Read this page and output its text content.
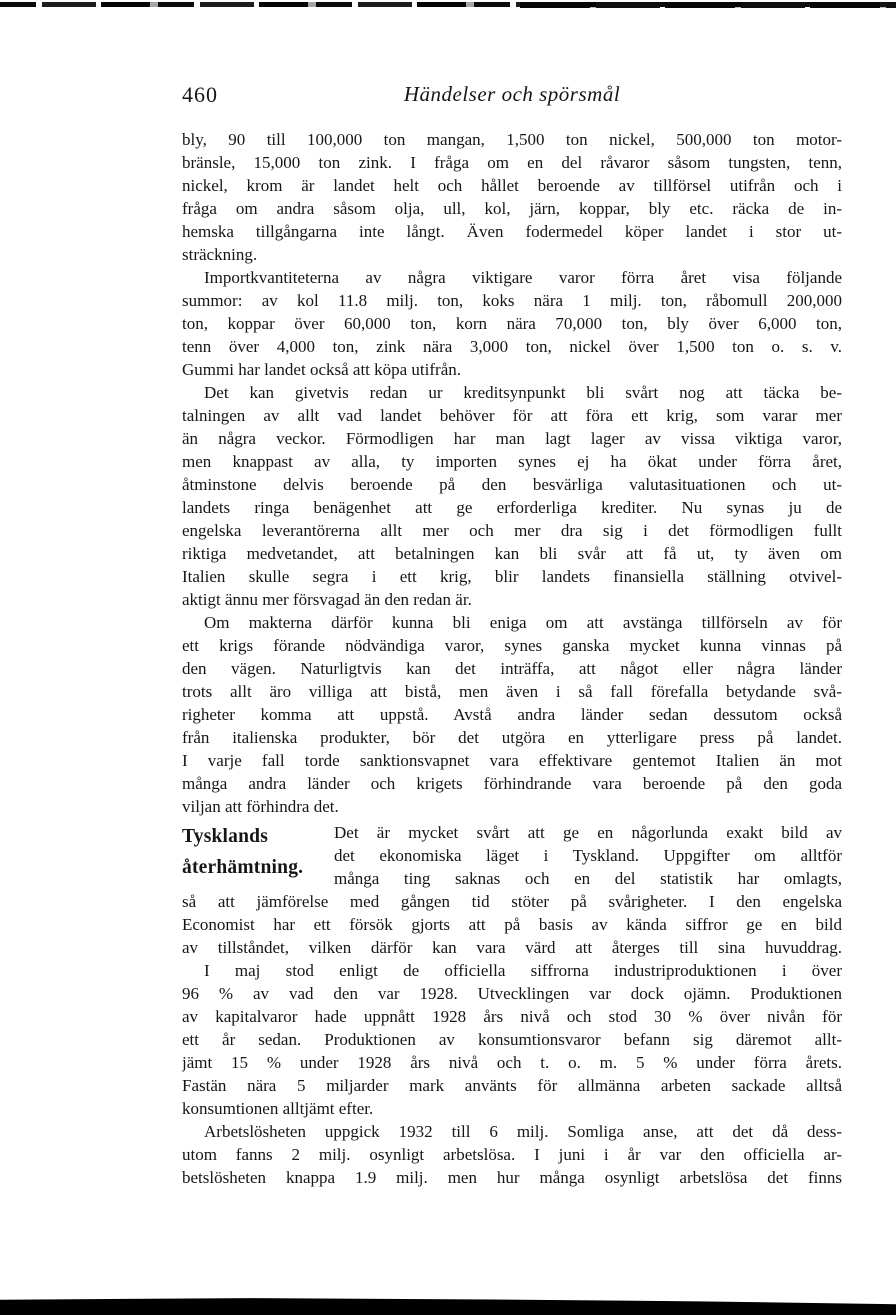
460	Händelser och spörsmål
bly, 90 till 100,000 ton mangan, 1,500 ton nickel, 500,000 ton motor-
bränsle, 15,000 ton zink. I fråga om en del råvaror såsom tungsten, tenn,
nickel, krom är landet helt och hållet beroende av tillförsel utifrån och i
fråga om andra såsom olja, ull, kol, järn, koppar, bly etc. räcka de in-
hemska tillgångarna inte långt. Även fodermedel köper landet i stor ut-
sträckning.
Importkvantiteterna av några viktigare varor förra året visa följande
summor: av kol 11.8 milj. ton, koks nära 1 milj. ton, råbomull 200,000
ton, koppar över 60,000 ton, korn nära 70,000 ton, bly över 6,000 ton,
tenn över 4,000 ton, zink nära 3,000 ton, nickel över 1,500 ton o. s. v.
Gummi har landet också att köpa utifrån.
Det kan givetvis redan ur kreditsynpunkt bli svårt nog att täcka be-
talningen av allt vad landet behöver för att föra ett krig, som varar mer
än några veckor. Förmodligen har man lagt lager av vissa viktiga varor,
men knappast av alla, ty importen synes ej ha ökat under förra året,
åtminstone delvis beroende på den besvärliga valutasituationen och ut-
landets ringa benägenhet att ge erforderliga krediter. Nu synas ju de
engelska leverantörerna allt mer och mer dra sig i det förmodligen fullt
riktiga medvetandet, att betalningen kan bli svår att få ut, ty även om
Italien skulle segra i ett krig, blir landets finansiella ställning otvivel-
aktigt ännu mer försvagad än den redan är.
Om makterna därför kunna bli eniga om att avstänga tillförseln av för
ett krigs förande nödvändiga varor, synes ganska mycket kunna vinnas på
den vägen. Naturligtvis kan det inträffa, att något eller några länder
trots allt äro villiga att bistå, men även i så fall förefalla betydande svå-
righeter komma att uppstå. Avstå andra länder sedan dessutom också
från italienska produkter, bör det utgöra en ytterligare press på landet.
I varje fall torde sanktionsvapnet vara effektivare gentemot Italien än mot
många andra länder och krigets förhindrande vara beroende på den goda
viljan att förhindra det.
Tysklands
återhämtning.
Det är mycket svårt att ge en någorlunda exakt bild av
det ekonomiska läget i Tyskland. Uppgifter om alltför
många ting saknas och en del statistik har omlagts,
så att jämförelse med gången tid stöter på svårigheter. I den engelska
Economist har ett försök gjorts att på basis av kända siffror ge en bild
av tillståndet, vilken därför kan vara värd att återges till sina huvuddrag.
I maj stod enligt de officiella siffrorna industriproduktionen i över
96 % av vad den var 1928. Utvecklingen var dock ojämn. Produktionen
av kapitalvaror hade uppnått 1928 års nivå och stod 30 % över nivån för
ett år sedan. Produktionen av konsumtionsvaror befann sig däremot allt-
jämt 15 % under 1928 års nivå och t. o. m. 5 % under förra årets.
Fastän nära 5 miljarder mark använts för allmänna arbeten sackade alltså
konsumtionen alltjämt efter.
Arbetslösheten uppgick 1932 till 6 milj. Somliga anse, att det då dess-
utom fanns 2 milj. osynligt arbetslösa. I juni i år var den officiella ar-
betslösheten knappa 1.9 milj. men hur många osynligt arbetslösa det finns
